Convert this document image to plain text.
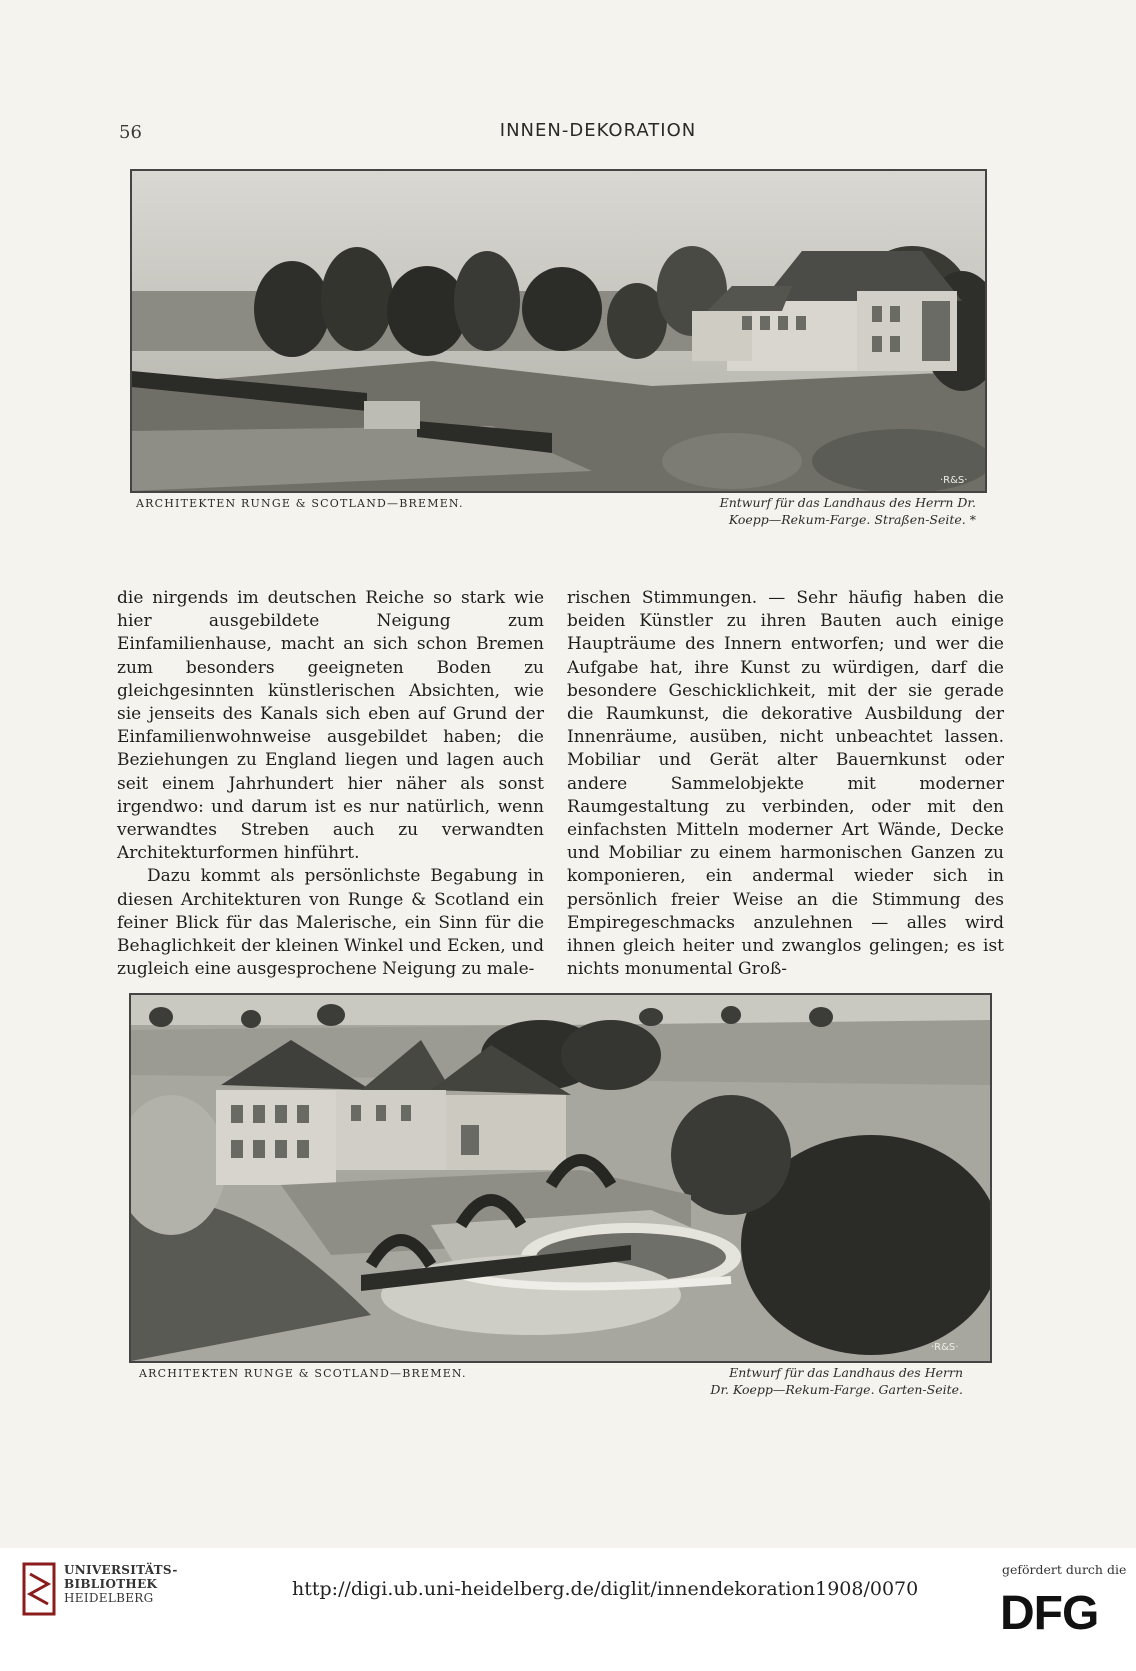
56	INNEN-DEKORATION
·R&S·
ARCHITEKTEN RUNGE & SCOTLAND—BREMEN.	Entwurf für das Landhaus des Herrn Dr.
Koepp—Rekum-Farge. Straßen-Seite. *

die nirgends im deutschen Reiche so stark wie hier ausgebildete Neigung zum Einfamilienhause, macht an sich schon Bremen zum besonders geeigneten Boden zu gleichgesinnten künstlerischen Absichten, wie sie jenseits des Kanals sich eben auf Grund der Einfamilienwohnweise ausgebildet haben; die Beziehungen zu England liegen und lagen auch seit einem Jahrhundert hier näher als sonst irgendwo: und darum ist es nur natürlich, wenn verwandtes Streben auch zu verwandten Architekturformen hinführt.

Dazu kommt als persönlichste Begabung in diesen Architekturen von Runge & Scotland ein feiner Blick für das Malerische, ein Sinn für die Behaglichkeit der kleinen Winkel und Ecken, und zugleich eine ausgesprochene Neigung zu male-

rischen Stimmungen. — Sehr häufig haben die beiden Künstler zu ihren Bauten auch einige Haupträume des Innern entworfen; und wer die Aufgabe hat, ihre Kunst zu würdigen, darf die besondere Geschicklichkeit, mit der sie gerade die Raumkunst, die dekorative Ausbildung der Innenräume, ausüben, nicht unbeachtet lassen. Mobiliar und Gerät alter Bauernkunst oder andere Sammelobjekte mit moderner Raumgestaltung zu verbinden, oder mit den einfachsten Mitteln moderner Art Wände, Decke und Mobiliar zu einem harmonischen Ganzen zu komponieren, ein andermal wieder sich in persönlich freier Weise an die Stimmung des Empiregeschmacks anzulehnen — alles wird ihnen gleich heiter und zwanglos gelingen; es ist nichts monumental Groß-

·R&S·
ARCHITEKTEN RUNGE & SCOTLAND—BREMEN.	Entwurf für das Landhaus des Herrn
Dr. Koepp—Rekum-Farge. Garten-Seite.
UNIVERSITÄTS-
BIBLIOTHEK
HEIDELBERG	http://digi.ub.uni-heidelberg.de/diglit/innendekoration1908/0070
gefördert durch die
DFG
